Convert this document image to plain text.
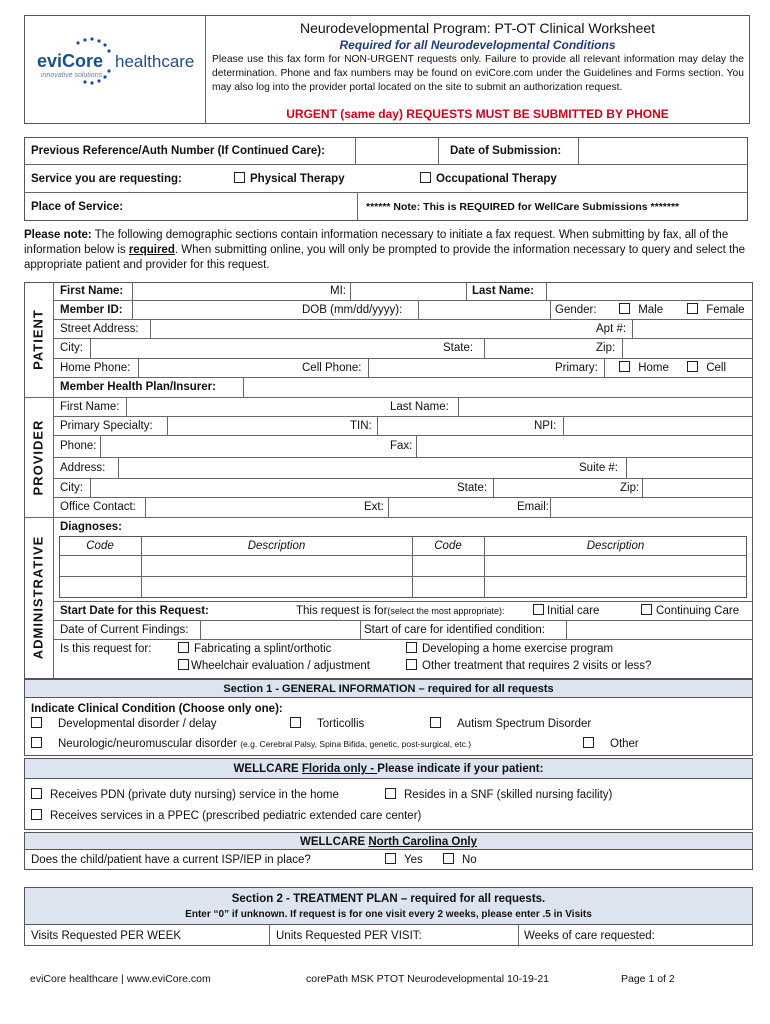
eviCore healthcare
innovative solutions
Neurodevelopmental Program: PT-OT Clinical Worksheet
Required for all Neurodevelopmental Conditions
Please use this fax form for NON-URGENT requests only. Failure to provide all relevant information may delay the determination. Phone and fax numbers may be found on eviCore.com under the Guidelines and Forms section. You may also log into the provider portal located on the site to submit an authorization request.
URGENT (same day) REQUESTS MUST BE SUBMITTED BY PHONE
Previous Reference/Auth Number (If Continued Care):	Date of Submission:
Service you are requesting:	Physical Therapy	Occupational Therapy
Place of Service:	****** Note: This is REQUIRED for WellCare Submissions *******
Please note: The following demographic sections contain information necessary to initiate a fax request. When submitting by fax, all of the information below is required. When submitting online, you will only be prompted to provide the information necessary to query and select the appropriate patient and provider for this request.
PATIENT
PROVIDER
ADMINISTRATIVE
First Name:	MI:	Last Name:
Member ID:	DOB (mm/dd/yyyy):	Gender:	Male	Female
Street Address:	Apt #:
City:	State:	Zip:
Home Phone:	Cell Phone:	Primary:	Home	Cell
Member Health Plan/Insurer:
First Name:	Last Name:
Primary Specialty:	TIN:	NPI:
Phone:	Fax:
Address:	Suite #:
City:	State:	Zip:
Office Contact:	Ext:	Email:
Diagnoses:
Code	Description	Code	Description
Start Date for this Request:	This request is for(select the most appropriate):	Initial care	Continuing Care
Date of Current Findings:	Start of care for identified condition:
Is this request for:	Fabricating a splint/orthotic	Developing a home exercise program
Wheelchair evaluation / adjustment	Other treatment that requires 2 visits or less?
Section 1 - GENERAL INFORMATION – required for all requests
Indicate Clinical Condition (Choose only one):
Developmental disorder / delay	Torticollis	Autism Spectrum Disorder
Neurologic/neuromuscular disorder (e.g. Cerebral Palsy, Spina Bifida, genetic, post-surgical, etc.)	Other
WELLCARE Florida only - Please indicate if your patient:
Receives PDN (private duty nursing) service in the home	Resides in a SNF (skilled nursing facility)
Receives services in a PPEC (prescribed pediatric extended care center)
WELLCARE North Carolina Only
Does the child/patient have a current ISP/IEP in place?	Yes	No
Section 2 - TREATMENT PLAN – required for all requests.
Enter “0” if unknown. If request is for one visit every 2 weeks, please enter .5 in Visits
Visits Requested PER WEEK	Units Requested PER VISIT:	Weeks of care requested:
eviCore healthcare | www.eviCore.com	corePath MSK PTOT Neurodevelopmental 10-19-21	Page 1 of 2
